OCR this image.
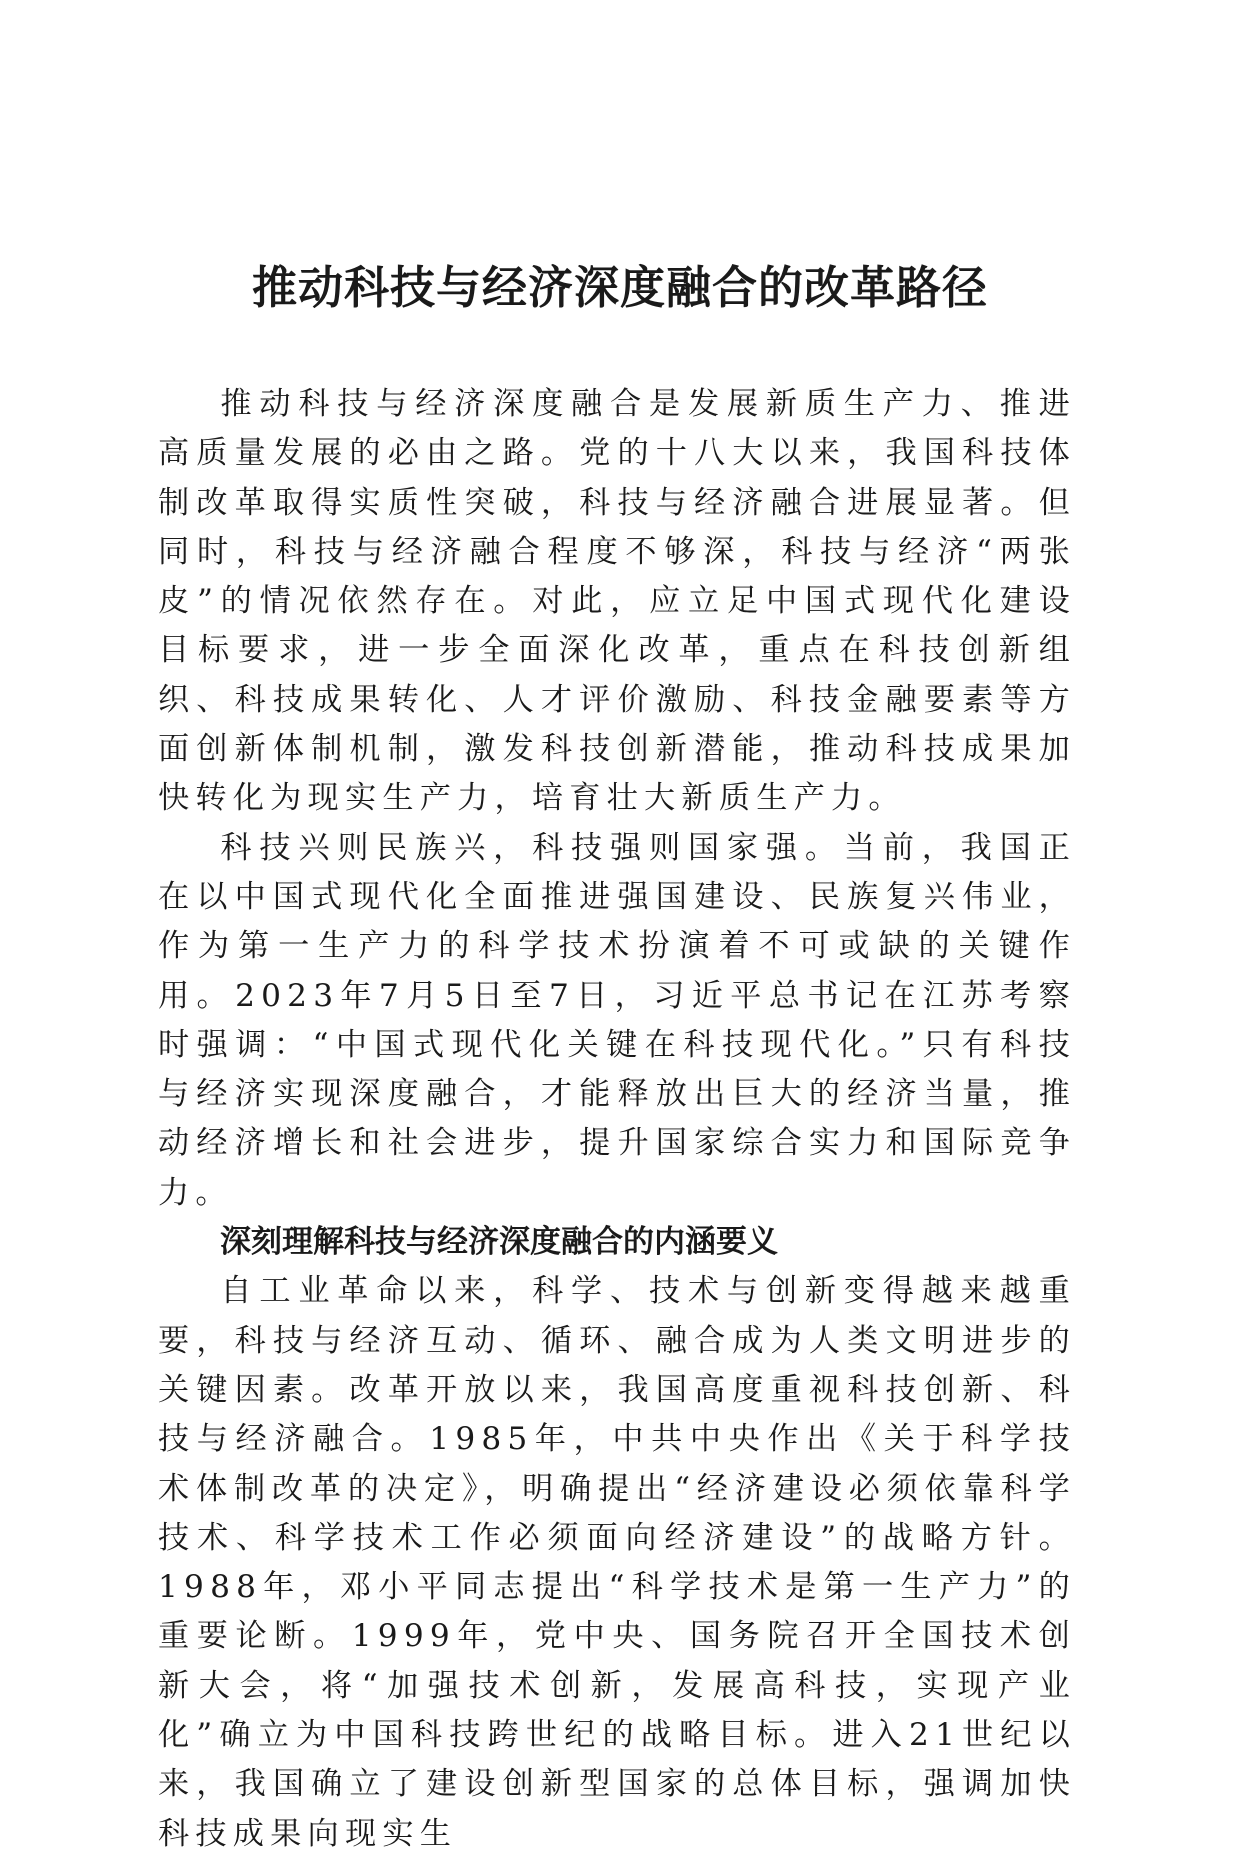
推动科技与经济深度融合的改革路径

推动科技与经济深度融合是发展新质生产力、推进高质量发展的必由之路。党的十八大以来，我国科技体制改革取得实质性突破，科技与经济融合进展显著。但同时，科技与经济融合程度不够深，科技与经济“两张皮”的情况依然存在。对此，应立足中国式现代化建设目标要求，进一步全面深化改革，重点在科技创新组织、科技成果转化、人才评价激励、科技金融要素等方面创新体制机制，激发科技创新潜能，推动科技成果加快转化为现实生产力，培育壮大新质生产力。

科技兴则民族兴，科技强则国家强。当前，我国正在以中国式现代化全面推进强国建设、民族复兴伟业，作为第一生产力的科学技术扮演着不可或缺的关键作用。2023年7月5日至7日，习近平总书记在江苏考察时强调：“中国式现代化关键在科技现代化。”只有科技与经济实现深度融合，才能释放出巨大的经济当量，推动经济增长和社会进步，提升国家综合实力和国际竞争力。

深刻理解科技与经济深度融合的内涵要义

自工业革命以来，科学、技术与创新变得越来越重要，科技与经济互动、循环、融合成为人类文明进步的关键因素。改革开放以来，我国高度重视科技创新、科技与经济融合。1985年，中共中央作出《关于科学技术体制改革的决定》，明确提出“经济建设必须依靠科学技术、科学技术工作必须面向经济建设”的战略方针。1988年，邓小平同志提出“科学技术是第一生产力”的重要论断。1999年，党中央、国务院召开全国技术创新大会，将“加强技术创新，发展高科技，实现产业化”确立为中国科技跨世纪的战略目标。进入21世纪以来，我国确立了建设创新型国家的总体目标，强调加快科技成果向现实生
